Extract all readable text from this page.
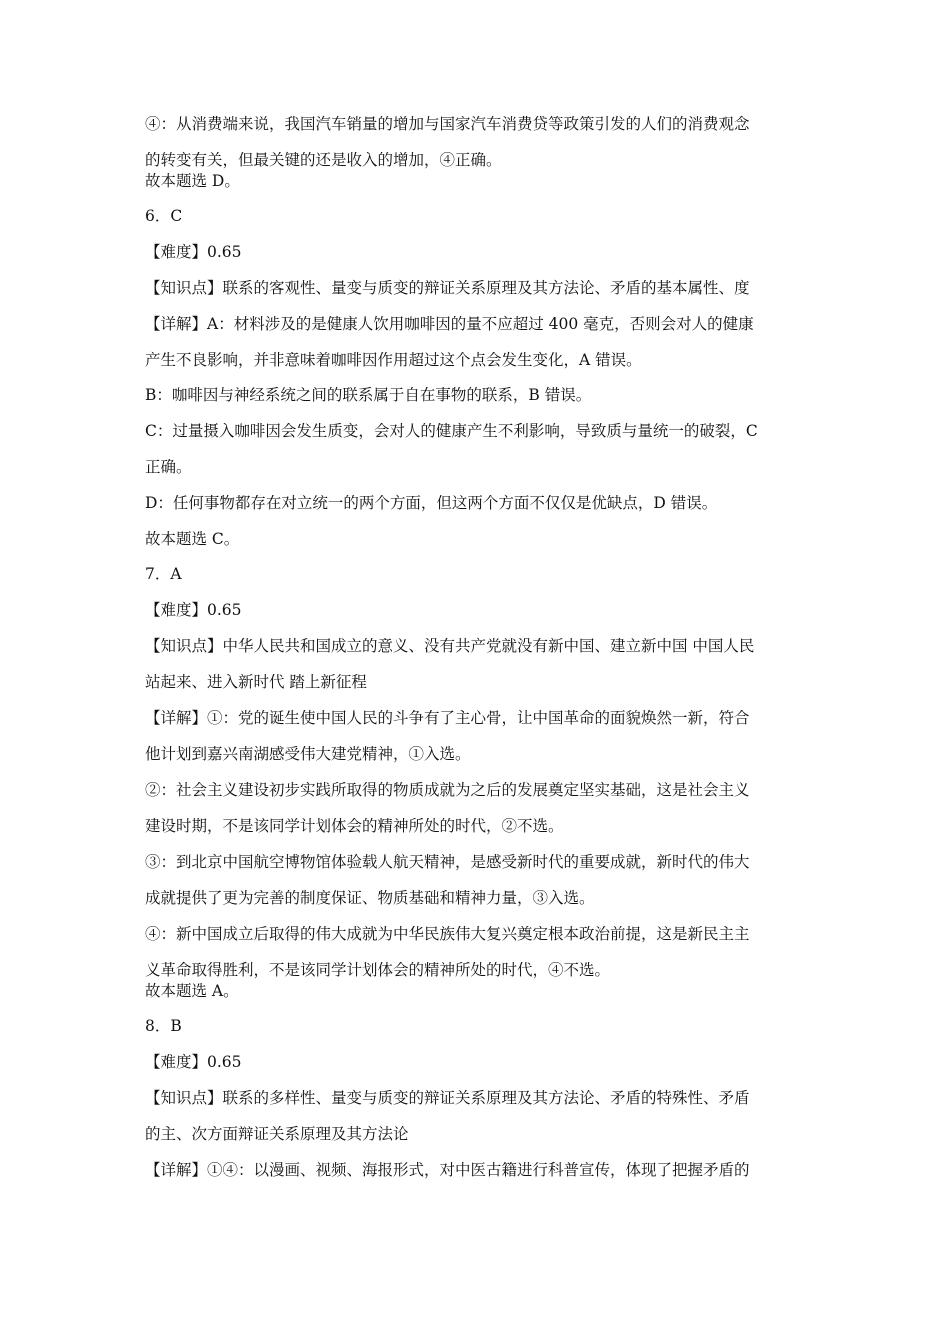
④：从消费端来说，我国汽车销量的增加与国家汽车消费贷等政策引发的人们的消费观念
的转变有关，但最关键的还是收入的增加，④正确。
故本题选 D。
6．C
【难度】0.65
【知识点】联系的客观性、量变与质变的辩证关系原理及其方法论、矛盾的基本属性、度
【详解】A：材料涉及的是健康人饮用咖啡因的量不应超过 400 毫克，否则会对人的健康
产生不良影响，并非意味着咖啡因作用超过这个点会发生变化，A 错误。
B：咖啡因与神经系统之间的联系属于自在事物的联系，B 错误。
C：过量摄入咖啡因会发生质变，会对人的健康产生不利影响，导致质与量统一的破裂，C
正确。
D：任何事物都存在对立统一的两个方面，但这两个方面不仅仅是优缺点，D 错误。
故本题选 C。
7．A
【难度】0.65
【知识点】中华人民共和国成立的意义、没有共产党就没有新中国、建立新中国 中国人民
站起来、进入新时代 踏上新征程
【详解】①：党的诞生使中国人民的斗争有了主心骨，让中国革命的面貌焕然一新，符合
他计划到嘉兴南湖感受伟大建党精神，①入选。
②：社会主义建设初步实践所取得的物质成就为之后的发展奠定坚实基础，这是社会主义
建设时期，不是该同学计划体会的精神所处的时代，②不选。
③：到北京中国航空博物馆体验载人航天精神，是感受新时代的重要成就，新时代的伟大
成就提供了更为完善的制度保证、物质基础和精神力量，③入选。
④：新中国成立后取得的伟大成就为中华民族伟大复兴奠定根本政治前提，这是新民主主
义革命取得胜利，不是该同学计划体会的精神所处的时代，④不选。
故本题选 A。
8．B
【难度】0.65
【知识点】联系的多样性、量变与质变的辩证关系原理及其方法论、矛盾的特殊性、矛盾
的主、次方面辩证关系原理及其方法论
【详解】①④：以漫画、视频、海报形式，对中医古籍进行科普宣传，体现了把握矛盾的
